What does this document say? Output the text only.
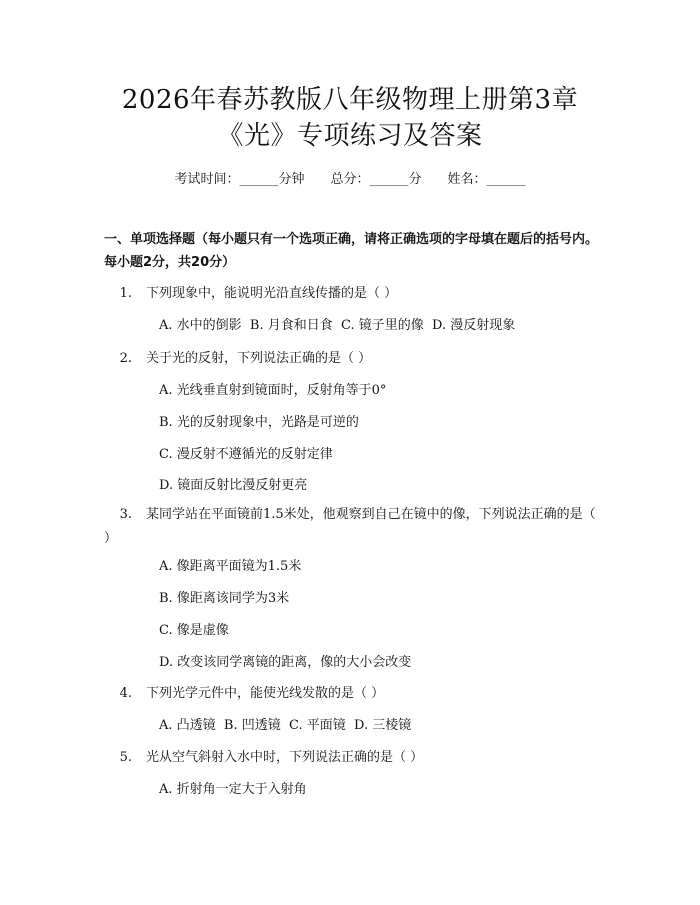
2026年春苏教版八年级物理上册第3章
《光》专项练习及答案
考试时间：______分钟　　总分：______分　　姓名：______
一、单项选择题（每小题只有一个选项正确，请将正确选项的字母填在题后的括号内。每小题2分，共20分）
1. 下列现象中，能说明光沿直线传播的是（ ）
A. 水中的倒影  B. 月食和日食  C. 镜子里的像  D. 漫反射现象
2. 关于光的反射，下列说法正确的是（ ）
A. 光线垂直射到镜面时，反射角等于0°
B. 光的反射现象中，光路是可逆的
C. 漫反射不遵循光的反射定律
D. 镜面反射比漫反射更亮
3. 某同学站在平面镜前1.5米处，他观察到自己在镜中的像，下列说法正确的是（ ）
A. 像距离平面镜为1.5米
B. 像距离该同学为3米
C. 像是虚像
D. 改变该同学离镜的距离，像的大小会改变
4. 下列光学元件中，能使光线发散的是（ ）
A. 凸透镜  B. 凹透镜  C. 平面镜  D. 三棱镜
5. 光从空气斜射入水中时，下列说法正确的是（ ）
A. 折射角一定大于入射角
